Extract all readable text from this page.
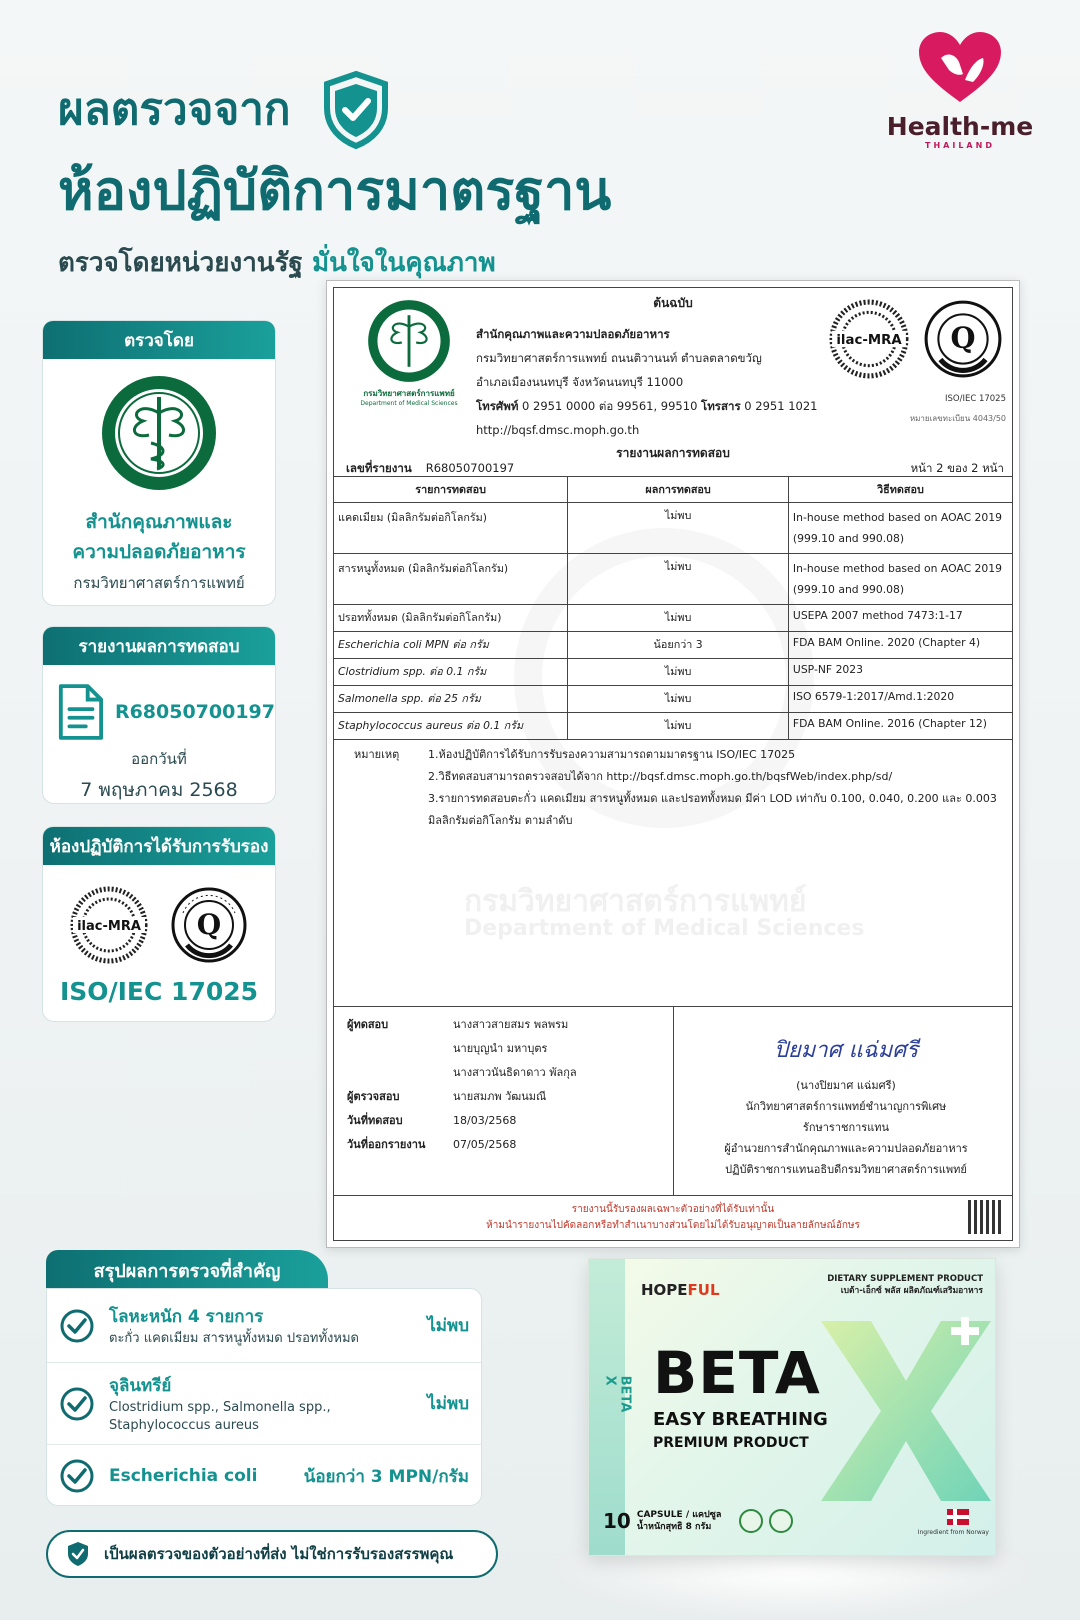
ผลตรวจจาก
ห้องปฏิบัติการมาตรฐาน
ตรวจโดยหน่วยงานรัฐ มั่นใจในคุณภาพ
Health-me
THAILAND
ตรวจโดย
สำนักคุณภาพและ
ความปลอดภัยอาหาร
กรมวิทยาศาสตร์การแพทย์
รายงานผลการทดสอบ
R68050700197
ออกวันที่
7 พฤษภาคม 2568
ห้องปฏิบัติการได้รับการรับรอง
ilac-MRA Q
ISO/IEC 17025
ต้นฉบับ
กรมวิทยาศาสตร์การแพทย์
Department of Medical Sciences
สำนักคุณภาพและความปลอดภัยอาหาร
กรมวิทยาศาสตร์การแพทย์ ถนนติวานนท์ ตำบลตลาดขวัญ
อำเภอเมืองนนทบุรี จังหวัดนนทบุรี 11000
โทรศัพท์ 0 2951 0000 ต่อ 99561, 99510 โทรสาร 0 2951 1021
http://bqsf.dmsc.moph.go.th
ilac-MRA Q
ISO/IEC 17025
หมายเลขทะเบียน 4043/50
รายงานผลการทดสอบ
เลขที่รายงาน R68050700197	หน้า 2 ของ 2 หน้า
รายการทดสอบ	ผลการทดสอบ	วิธีทดสอบ
แคดเมียม (มิลลิกรัมต่อกิโลกรัม)	ไม่พบ	In-house method based on AOAC 2019 (999.10 and 990.08)
สารหนูทั้งหมด (มิลลิกรัมต่อกิโลกรัม)	ไม่พบ	In-house method based on AOAC 2019 (999.10 and 990.08)
ปรอททั้งหมด (มิลลิกรัมต่อกิโลกรัม)	ไม่พบ	USEPA 2007 method 7473:1-17
Escherichia coli MPN ต่อ กรัม	น้อยกว่า 3	FDA BAM Online. 2020 (Chapter 4)
Clostridium spp. ต่อ 0.1 กรัม	ไม่พบ	USP-NF 2023
Salmonella spp. ต่อ 25 กรัม	ไม่พบ	ISO 6579-1:2017/Amd.1:2020
Staphylococcus aureus ต่อ 0.1 กรัม	ไม่พบ	FDA BAM Online. 2016 (Chapter 12)
หมายเหตุ	1.ห้องปฏิบัติการได้รับการรับรองความสามารถตามมาตรฐาน ISO/IEC 17025
2.วิธีทดสอบสามารถตรวจสอบได้จาก http://bqsf.dmsc.moph.go.th/bqsfWeb/index.php/sd/
3.รายการทดสอบตะกั่ว แคดเมียม สารหนูทั้งหมด และปรอททั้งหมด มีค่า LOD เท่ากับ 0.100, 0.040, 0.200 และ 0.003 มิลลิกรัมต่อกิโลกรัม ตามลำดับ
กรมวิทยาศาสตร์การแพทย์
Department of Medical Sciences
ผู้ทดสอบ	นางสาวสายสมร พลพรม
นายบุญนำ มหาบุตร
นางสาวนันธิดาดาว พัลกุล
ผู้ตรวจสอบ	นายสมภพ วัฒนมณี
วันที่ทดสอบ	18/03/2568
วันที่ออกรายงาน	07/05/2568
ปิยมาศ แฉ่มศรี
(นางปิยมาศ แฉ่มศรี)
นักวิทยาศาสตร์การแพทย์ชำนาญการพิเศษ
รักษาราชการแทน
ผู้อำนวยการสำนักคุณภาพและความปลอดภัยอาหาร
ปฏิบัติราชการแทนอธิบดีกรมวิทยาศาสตร์การแพทย์
รายงานนี้รับรองผลเฉพาะตัวอย่างที่ได้รับเท่านั้น
ห้ามนำรายงานไปคัดลอกหรือทำสำเนาบางส่วนโดยไม่ได้รับอนุญาตเป็นลายลักษณ์อักษร
สรุปผลการตรวจที่สำคัญ
โลหะหนัก 4 รายการ
ตะกั่ว แคดเมียม สารหนูทั้งหมด ปรอททั้งหมด
ไม่พบ
จุลินทรีย์
Clostridium spp., Salmonella spp.,
Staphylococcus aureus
ไม่พบ
Escherichia coli	น้อยกว่า 3 MPN/กรัม
เป็นผลตรวจของตัวอย่างที่ส่ง ไม่ใช่การรับรองสรรพคุณ
BETA X
HOPEFUL
DIETARY SUPPLEMENT PRODUCT
เบต้า-เอ็กซ์ พลัส ผลิตภัณฑ์เสริมอาหาร
BETA
EASY BREATHING
PREMIUM PRODUCT
10 CAPSULE / แคปซูล
น้ำหนักสุทธิ 8 กรัม
Ingredient from Norway
